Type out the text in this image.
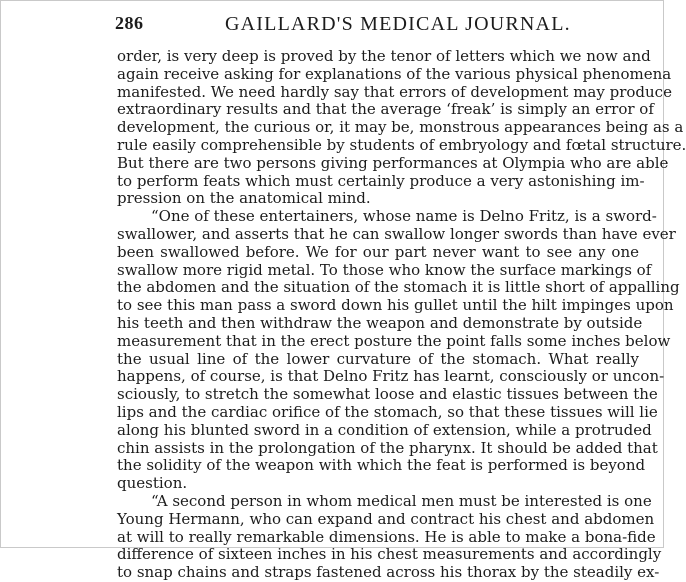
286	GAILLARD'S MEDICAL JOURNAL.

order, is very deep is proved by the tenor of letters which we now and
again receive asking for explanations of the various physical phenomena
manifested. We need hardly say that errors of development may produce
extraordinary results and that the average ‘freak’ is simply an error of
development, the curious or, it may be, monstrous appearances being as a
rule easily comprehensible by students of embryology and fœtal structure.
But there are two persons giving performances at Olympia who are able
to perform feats which must certainly produce a very astonishing im-
pression on the anatomical mind.
“One of these entertainers, whose name is Delno Fritz, is a sword-
swallower, and asserts that he can swallow longer swords than have ever
been swallowed before. We for our part never want to see any one
swallow more rigid metal. To those who know the surface markings of
the abdomen and the situation of the stomach it is little short of appalling
to see this man pass a sword down his gullet until the hilt impinges upon
his teeth and then withdraw the weapon and demonstrate by outside
measurement that in the erect posture the point falls some inches below
the usual line of the lower curvature of the stomach. What really
happens, of course, is that Delno Fritz has learnt, consciously or uncon-
sciously, to stretch the somewhat loose and elastic tissues between the
lips and the cardiac orifice of the stomach, so that these tissues will lie
along his blunted sword in a condition of extension, while a protruded
chin assists in the prolongation of the pharynx. It should be added that
the solidity of the weapon with which the feat is performed is beyond
question.
“A second person in whom medical men must be interested is one
Young Hermann, who can expand and contract his chest and abdomen
at will to really remarkable dimensions. He is able to make a bona-fide
difference of sixteen inches in his chest measurements and accordingly
to snap chains and straps fastened across his thorax by the steadily ex-
